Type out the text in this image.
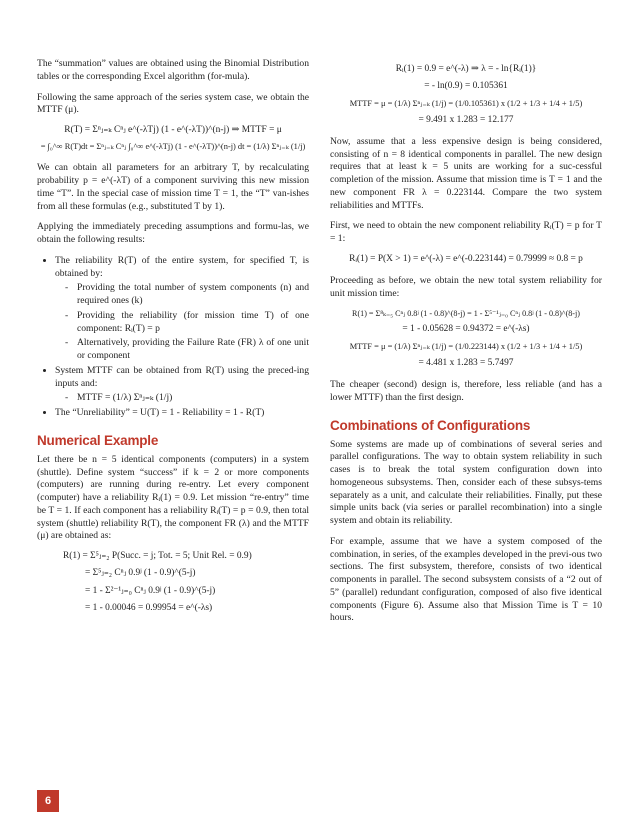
The “summation” values are obtained using the Binomial Distribution tables or the corresponding Excel algorithm (for-mula).

Following the same approach of the series system case, we obtain the MTTF (μ).

R(T) = Σⁿⱼ₌ₖ Cⁿⱼ e^(-λTj) (1 - e^(-λT))^(n-j) ⇒ MTTF = μ
= ∫₀^∞ R(T)dt = Σⁿⱼ₌ₖ Cⁿⱼ ∫₀^∞ e^(-λTj) (1 - e^(-λT))^(n-j) dt = (1/λ) Σⁿⱼ₌ₖ (1/j)

We can obtain all parameters for an arbitrary T, by recalculating probability p = e^(-λT) of a component surviving this new mission time “T”. In the special case of mission time T = 1, the “T” van-ishes from all these formulas (e.g., substituted T by 1).

Applying the immediately preceding assumptions and formu-las, we obtain the following results:

• The reliability R(T) of the entire system, for specified T, is obtained by:
- Providing the total number of system components (n) and required ones (k)
- Providing the reliability (for mission time T) of one component: Rᵢ(T) = p
- Alternatively, providing the Failure Rate (FR) λ of one unit or component
• System MTTF can be obtained from R(T) using the preced-ing inputs and:
- MTTF = (1/λ) Σⁿⱼ₌ₖ (1/j)
• The “Unreliability” = U(T) = 1 - Reliability = 1 - R(T)
Numerical Example

Let there be n = 5 identical components (computers) in a system (shuttle). Define system “success” if k = 2 or more components (computers) are running during re-entry. Let every component (computer) have a reliability Rᵢ(1) = 0.9. Let mission “re-entry” time be T = 1. If each component has a reliability Rᵢ(T) = p = 0.9, then total system (shuttle) reliability R(T), the component FR (λ) and the MTTF (μ) are obtained as:

R(1) = Σ⁵ⱼ₌₂ P(Succ. = j; Tot. = 5; Unit Rel. = 0.9)
= Σ⁵ⱼ₌₂ Cⁿⱼ 0.9ʲ (1 - 0.9)^(5-j)
= 1 - Σ²⁻¹ⱼ₌₀ Cⁿⱼ 0.9ʲ (1 - 0.9)^(5-j)
= 1 - 0.00046 = 0.99954 = e^(-λs)
Rᵢ(1) = 0.9 = e^(-λ) ⇒ λ = - ln{Rᵢ(1)}
= - ln(0.9) = 0.105361
MTTF = μ = (1/λ) Σⁿⱼ₌ₖ (1/j) = (1/0.105361) x (1/2 + 1/3 + 1/4 + 1/5)
= 9.491 x 1.283 = 12.177

Now, assume that a less expensive design is being considered, consisting of n = 8 identical components in parallel. The new design requires that at least k = 5 units are working for a suc-cessful completion of the mission. Assume that mission time is T = 1 and the new component FR λ = 0.223144. Compare the two system reliabilities and MTTFs.

First, we need to obtain the new component reliability Rᵢ(T) = p for T = 1:

Rᵢ(1) = P(X > 1) = e^(-λ) = e^(-0.223144) = 0.79999 ≈ 0.8 = p

Proceeding as before, we obtain the new total system reliability for unit mission time:

R(1) = Σ⁸ₖ₌₅ Cⁿⱼ 0.8ʲ (1 - 0.8)^(8-j) = 1 - Σ⁵⁻¹ⱼ₌₀ Cⁿⱼ 0.8ʲ (1 - 0.8)^(8-j)
= 1 - 0.05628 = 0.94372 = e^(-λs)
MTTF = μ = (1/λ) Σⁿⱼ₌ₖ (1/j) = (1/0.223144) x (1/2 + 1/3 + 1/4 + 1/5)
= 4.481 x 1.283 = 5.7497

The cheaper (second) design is, therefore, less reliable (and has a lower MTTF) than the first design.

Combinations of Configurations

Some systems are made up of combinations of several series and parallel configurations. The way to obtain system reliability in such cases is to break the total system configuration down into homogeneous subsystems. Then, consider each of these subsys-tems separately as a unit, and calculate their reliabilities. Finally, put these simple units back (via series or parallel recombination) into a single system and obtain its reliability.

For example, assume that we have a system composed of the combination, in series, of the examples developed in the previ-ous two sections. The first subsystem, therefore, consists of two identical components in parallel. The second subsystem consists of a “2 out of 5” (parallel) redundant configuration, composed of also five identical components (Figure 6). Assume also that Mission Time is T = 10 hours.

6
